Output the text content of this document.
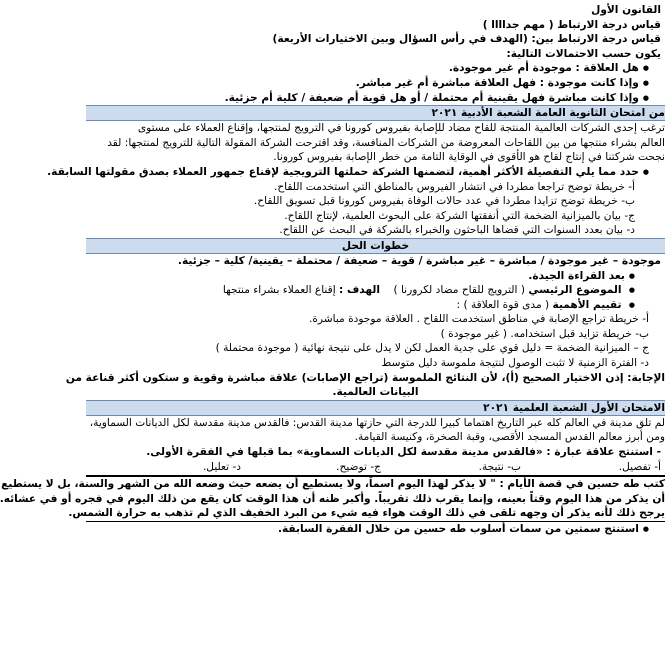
القانون الأول
قياس درجة الارتباط ( مهم جداااا )
قياس درجة الارتباط بين: (الهدف في رأس السؤال وبين الاختيارات الأربعة)
يكون حسب الاحتمالات التالية:
● هل العلاقة : موجودة أم غير موجودة.
● وإذا كانت موجودة : فهل العلاقة مباشرة أم غير مباشر.
● وإذا كانت مباشرة فهل يقينية أم محتملة / أو هل قوية أم ضعيفة / كلية أم جزئية.
من امتحان الثانوية العامة الشعبة الأدبية ٢٠٢١
ترغب إحدى الشركات العالمية المنتجة للقاح مضاد للإصابة بفيروس كورونا في الترويج لمنتجها، وإقناع العملاء على مستوى
العالم بشراء منتجها من بين اللقاحات المعروضة من الشركات المنافسة، وقد اقترحت الشركة المقولة التالية للترويج لمنتجها: لقد
نجحت شركتنا في إنتاج لقاح هو الأقوى في الوقاية التامة من خطر الإصابة بفيروس كورونا.
● حدد مما يلي التفصيلة الأكثر أهمية، لتضمنها الشركة حملتها الترويجية لإقناع جمهور العملاء بصدق مقولتها السابقة.
أ- خريطة توضح تراجعا مطردا في انتشار الفيروس بالمناطق التي استخدمت اللقاح.
ب- خريطة توضح تزايدا مطردا في عدد حالات الوفاة بفيروس كورونا قبل تسويق اللقاح.
ج- بيان بالميزانية الضخمة التي أنفقتها الشركة على البحوث العلمية، لإنتاج اللقاح.
د- بيان بعدد السنوات التي قضاها الباحثون والخبراء بالشركة في البحث عن اللقاح.
خطوات الحل
موجودة – غير موجودة / مباشرة – غير مباشرة / قوية – ضعيفة / محتملة – يقينية/ كلية – جزئية.
● بعد القراءة الجيدة.
● الموضوع الرئيسي ( الترويج للقاح مضاد لكرورنا )    الهدف : إقناع العملاء بشراء منتجها
● تقييم الأهمية ( مدى قوة العلاقة ) :
أ- خريطة تراجع الإصابة في مناطق استخدمت اللقاح . العلاقة موجودة مباشرة.
ب- خريطة تزايد قبل استخدامه. ( غير موجودة )
ج – الميزانية الضخمة = دليل قوي على جدية العمل لكن لا يدل على نتيجة نهائية ( موجودة محتملة )
د- الفترة الزمنية لا تثبت الوصول لنتيجة ملموسة دليل متوسط
الإجابة: إذن الاختيار الصحيح (أ)، لأن النتائج الملموسة (تراجع الإصابات) علاقة مباشرة وقوية و ستكون أكثر قناعة من
البيانات العالمية.
الامتحان الأول الشعبة العلمية ٢٠٢١
لم تلق مدينة في العالم كله عبر التاريخ اهتماما كبيرا للدرجة التي حازتها مدينة القدس: فالقدس مدينة مقدسة لكل الديانات السماوية،
ومن أبرز معالم القدس المسجد الأقصى، وقبة الصخرة، وكنيسة القيامة.
- استنتج علاقة عبارة : «فالقدس مدينة مقدسة لكل الديانات السماوية» بما قبلها في الفقرة الأولى.
أ- تفصيل.ب- نتيجة.ج- توضيح.د- تعليل.
كتب طه حسين في قصة الأيام : " لا يذكر لهذا اليوم اسماً، ولا يستطيع أن يضعه حيث وضعه الله من الشهر والسنة، بل لا يستطيع
أن يذكر من هذا اليوم وقتاً بعينه، وإنما يقرب ذلك تقريباً. وأكبر ظنه أن هذا الوقت كان يقع من ذلك اليوم في فجره أو في عشائه.
يرجح ذلك لأنه يذكر أن وجهه تلقى في ذلك الوقت هواء فيه شيء من البرد الخفيف الذي لم تذهب به حرارة الشمس.
● استنتج سمتين من سمات أسلوب طه حسين من خلال الفقرة السابقة.
